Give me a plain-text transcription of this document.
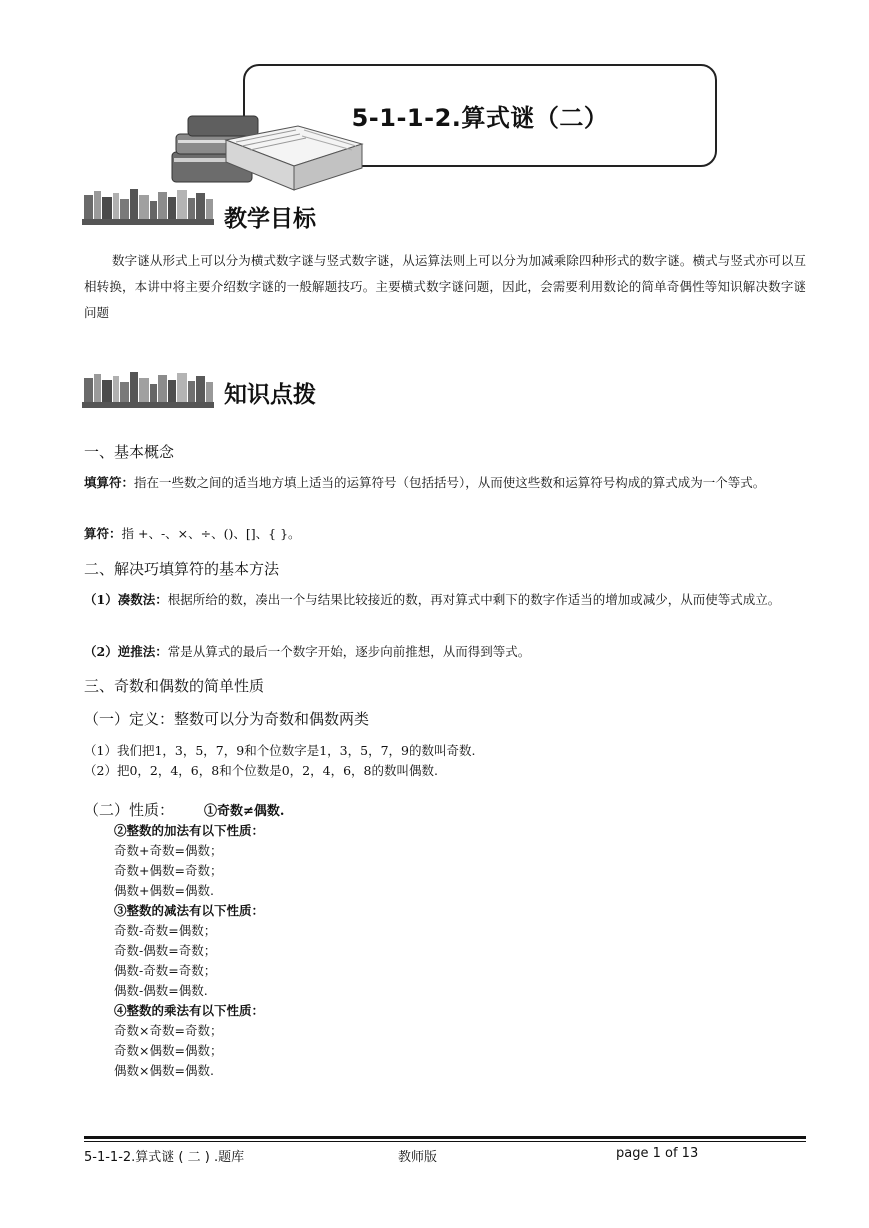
5-1-1-2.算式谜（二）
教学目标
数字谜从形式上可以分为横式数字谜与竖式数字谜，从运算法则上可以分为加减乘除四种形式的数字谜。横式与竖式亦可以互相转换，本讲中将主要介绍数字谜的一般解题技巧。主要横式数字谜问题，因此，会需要利用数论的简单奇偶性等知识解决数字谜问题
知识点拨
一、基本概念
填算符：指在一些数之间的适当地方填上适当的运算符号（包括括号），从而使这些数和运算符号构成的算式成为一个等式。
算符：指 +、-、×、÷、()、[]、{ }。
二、解决巧填算符的基本方法
（1）凑数法：根据所给的数，凑出一个与结果比较接近的数，再对算式中剩下的数字作适当的增加或减少，从而使等式成立。
（2）逆推法：常是从算式的最后一个数字开始，逐步向前推想，从而得到等式。
三、奇数和偶数的简单性质
（一）定义：整数可以分为奇数和偶数两类
（1）我们把1，3，5，7，9和个位数字是1，3，5，7，9的数叫奇数.
（2）把0，2，4，6，8和个位数是0，2，4，6，8的数叫偶数.
（二）性质： ①奇数≠偶数.
②整数的加法有以下性质：
奇数+奇数=偶数；
奇数+偶数=奇数；
偶数+偶数=偶数.
③整数的减法有以下性质：
奇数-奇数=偶数；
奇数-偶数=奇数；
偶数-奇数=奇数；
偶数-偶数=偶数.
④整数的乘法有以下性质：
奇数×奇数=奇数；
奇数×偶数=偶数；
偶数×偶数=偶数.
5-1-1-2.算式谜 ( 二 ) .题库	教师版	page 1 of 13
